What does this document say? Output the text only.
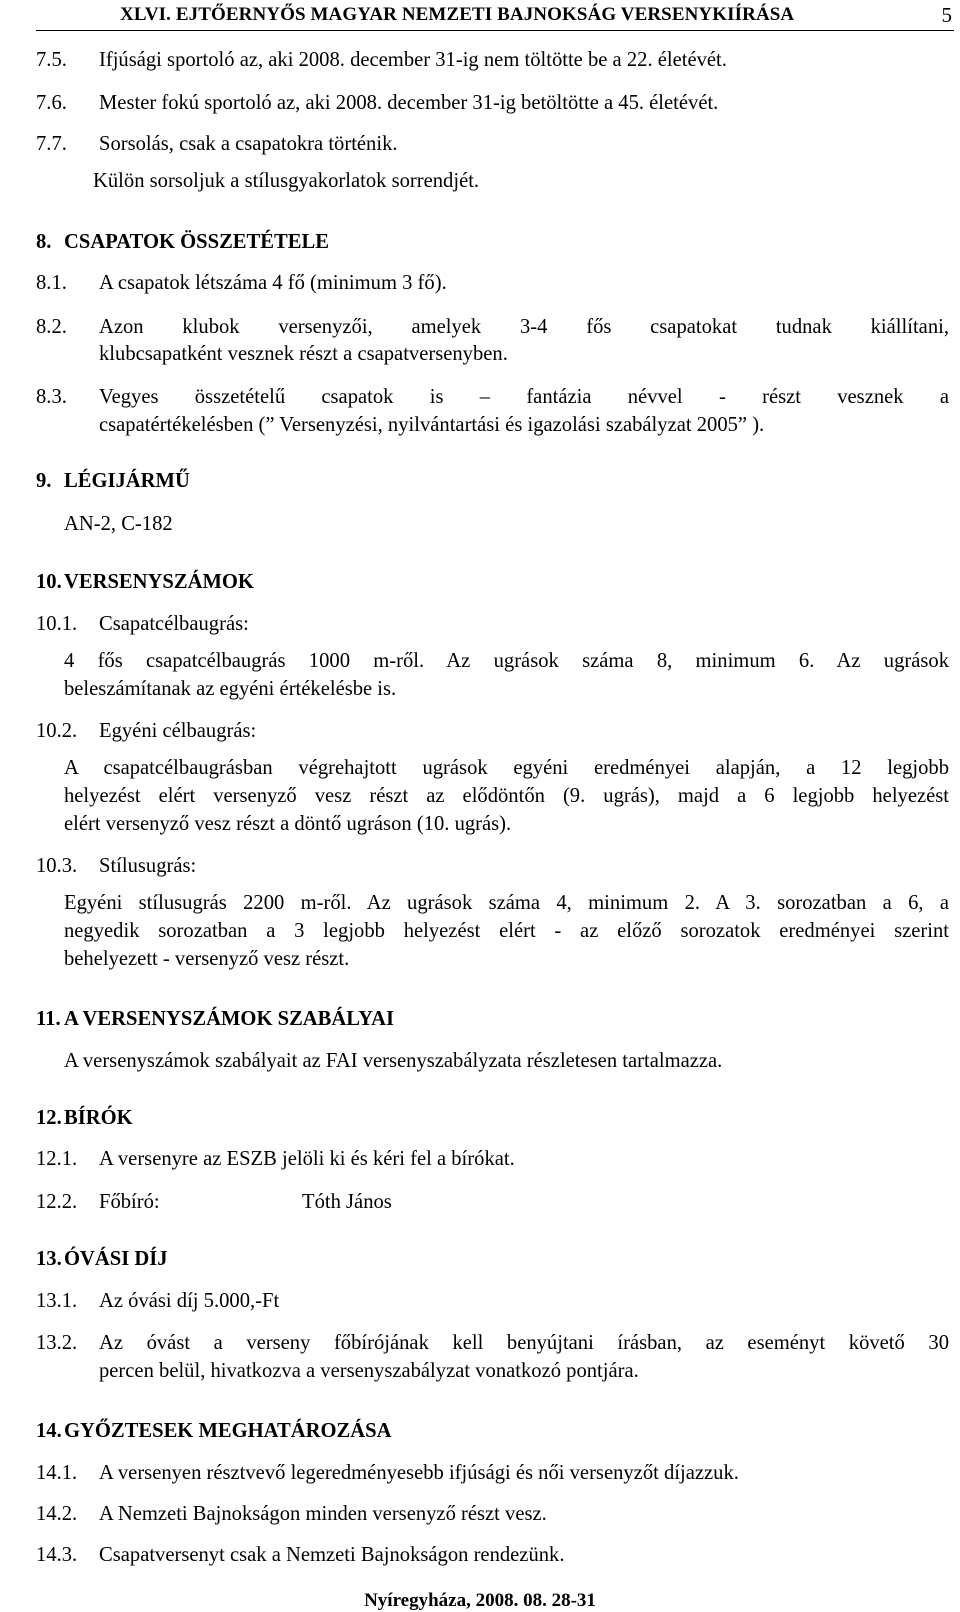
XLVI. EJTŐERNYŐS MAGYAR NEMZETI BAJNOKSÁG VERSENYKIÍRÁSA	5
7.5. Ifjúsági sportoló az, aki 2008. december 31-ig nem töltötte be a 22. életévét.
7.6. Mester fokú sportoló az, aki 2008. december 31-ig betöltötte a 45. életévét.
7.7. Sorsolás, csak a csapatokra történik.
Külön sorsoljuk a stílusgyakorlatok sorrendjét.
8. CSAPATOK ÖSSZETÉTELE
8.1. A csapatok létszáma 4 fő (minimum 3 fő).
8.2. Azon klubok versenyzői, amelyek 3-4 fős csapatokat tudnak kiállítani,
klubcsapatként vesznek részt a csapatversenyben.
8.3. Vegyes összetételű csapatok is – fantázia névvel - részt vesznek a
csapatértékelésben (” Versenyzési, nyilvántartási és igazolási szabályzat 2005” ).
9. LÉGIJÁRMŰ
AN-2, C-182
10. VERSENYSZÁMOK
10.1. Csapatcélbaugrás:
4 fős csapatcélbaugrás 1000 m-ről. Az ugrások száma 8, minimum 6. Az ugrások
beleszámítanak az egyéni értékelésbe is.
10.2. Egyéni célbaugrás:
A csapatcélbaugrásban végrehajtott ugrások egyéni eredményei alapján, a 12 legjobb
helyezést elért versenyző vesz részt az elődöntőn (9. ugrás), majd a 6 legjobb helyezést
elért versenyző vesz részt a döntő ugráson (10. ugrás).
10.3. Stílusugrás:
Egyéni stílusugrás 2200 m-ről. Az ugrások száma 4, minimum 2. A 3. sorozatban a 6, a
negyedik sorozatban a 3 legjobb helyezést elért - az előző sorozatok eredményei szerint
behelyezett - versenyző vesz részt.
11. A VERSENYSZÁMOK SZABÁLYAI
A versenyszámok szabályait az FAI versenyszabályzata részletesen tartalmazza.
12. BÍRÓK
12.1. A versenyre az ESZB jelöli ki és kéri fel a bírókat.
12.2. Főbíró:	Tóth János
13. ÓVÁSI DÍJ
13.1. Az óvási díj 5.000,-Ft
13.2. Az óvást a verseny főbírójának kell benyújtani írásban, az eseményt követő 30
percen belül, hivatkozva a versenyszabályzat vonatkozó pontjára.
14. GYŐZTESEK MEGHATÁROZÁSA
14.1. A versenyen résztvevő legeredményesebb ifjúsági és női versenyzőt díjazzuk.
14.2. A Nemzeti Bajnokságon minden versenyző részt vesz.
14.3. Csapatversenyt csak a Nemzeti Bajnokságon rendezünk.
Nyíregyháza, 2008. 08. 28-31
